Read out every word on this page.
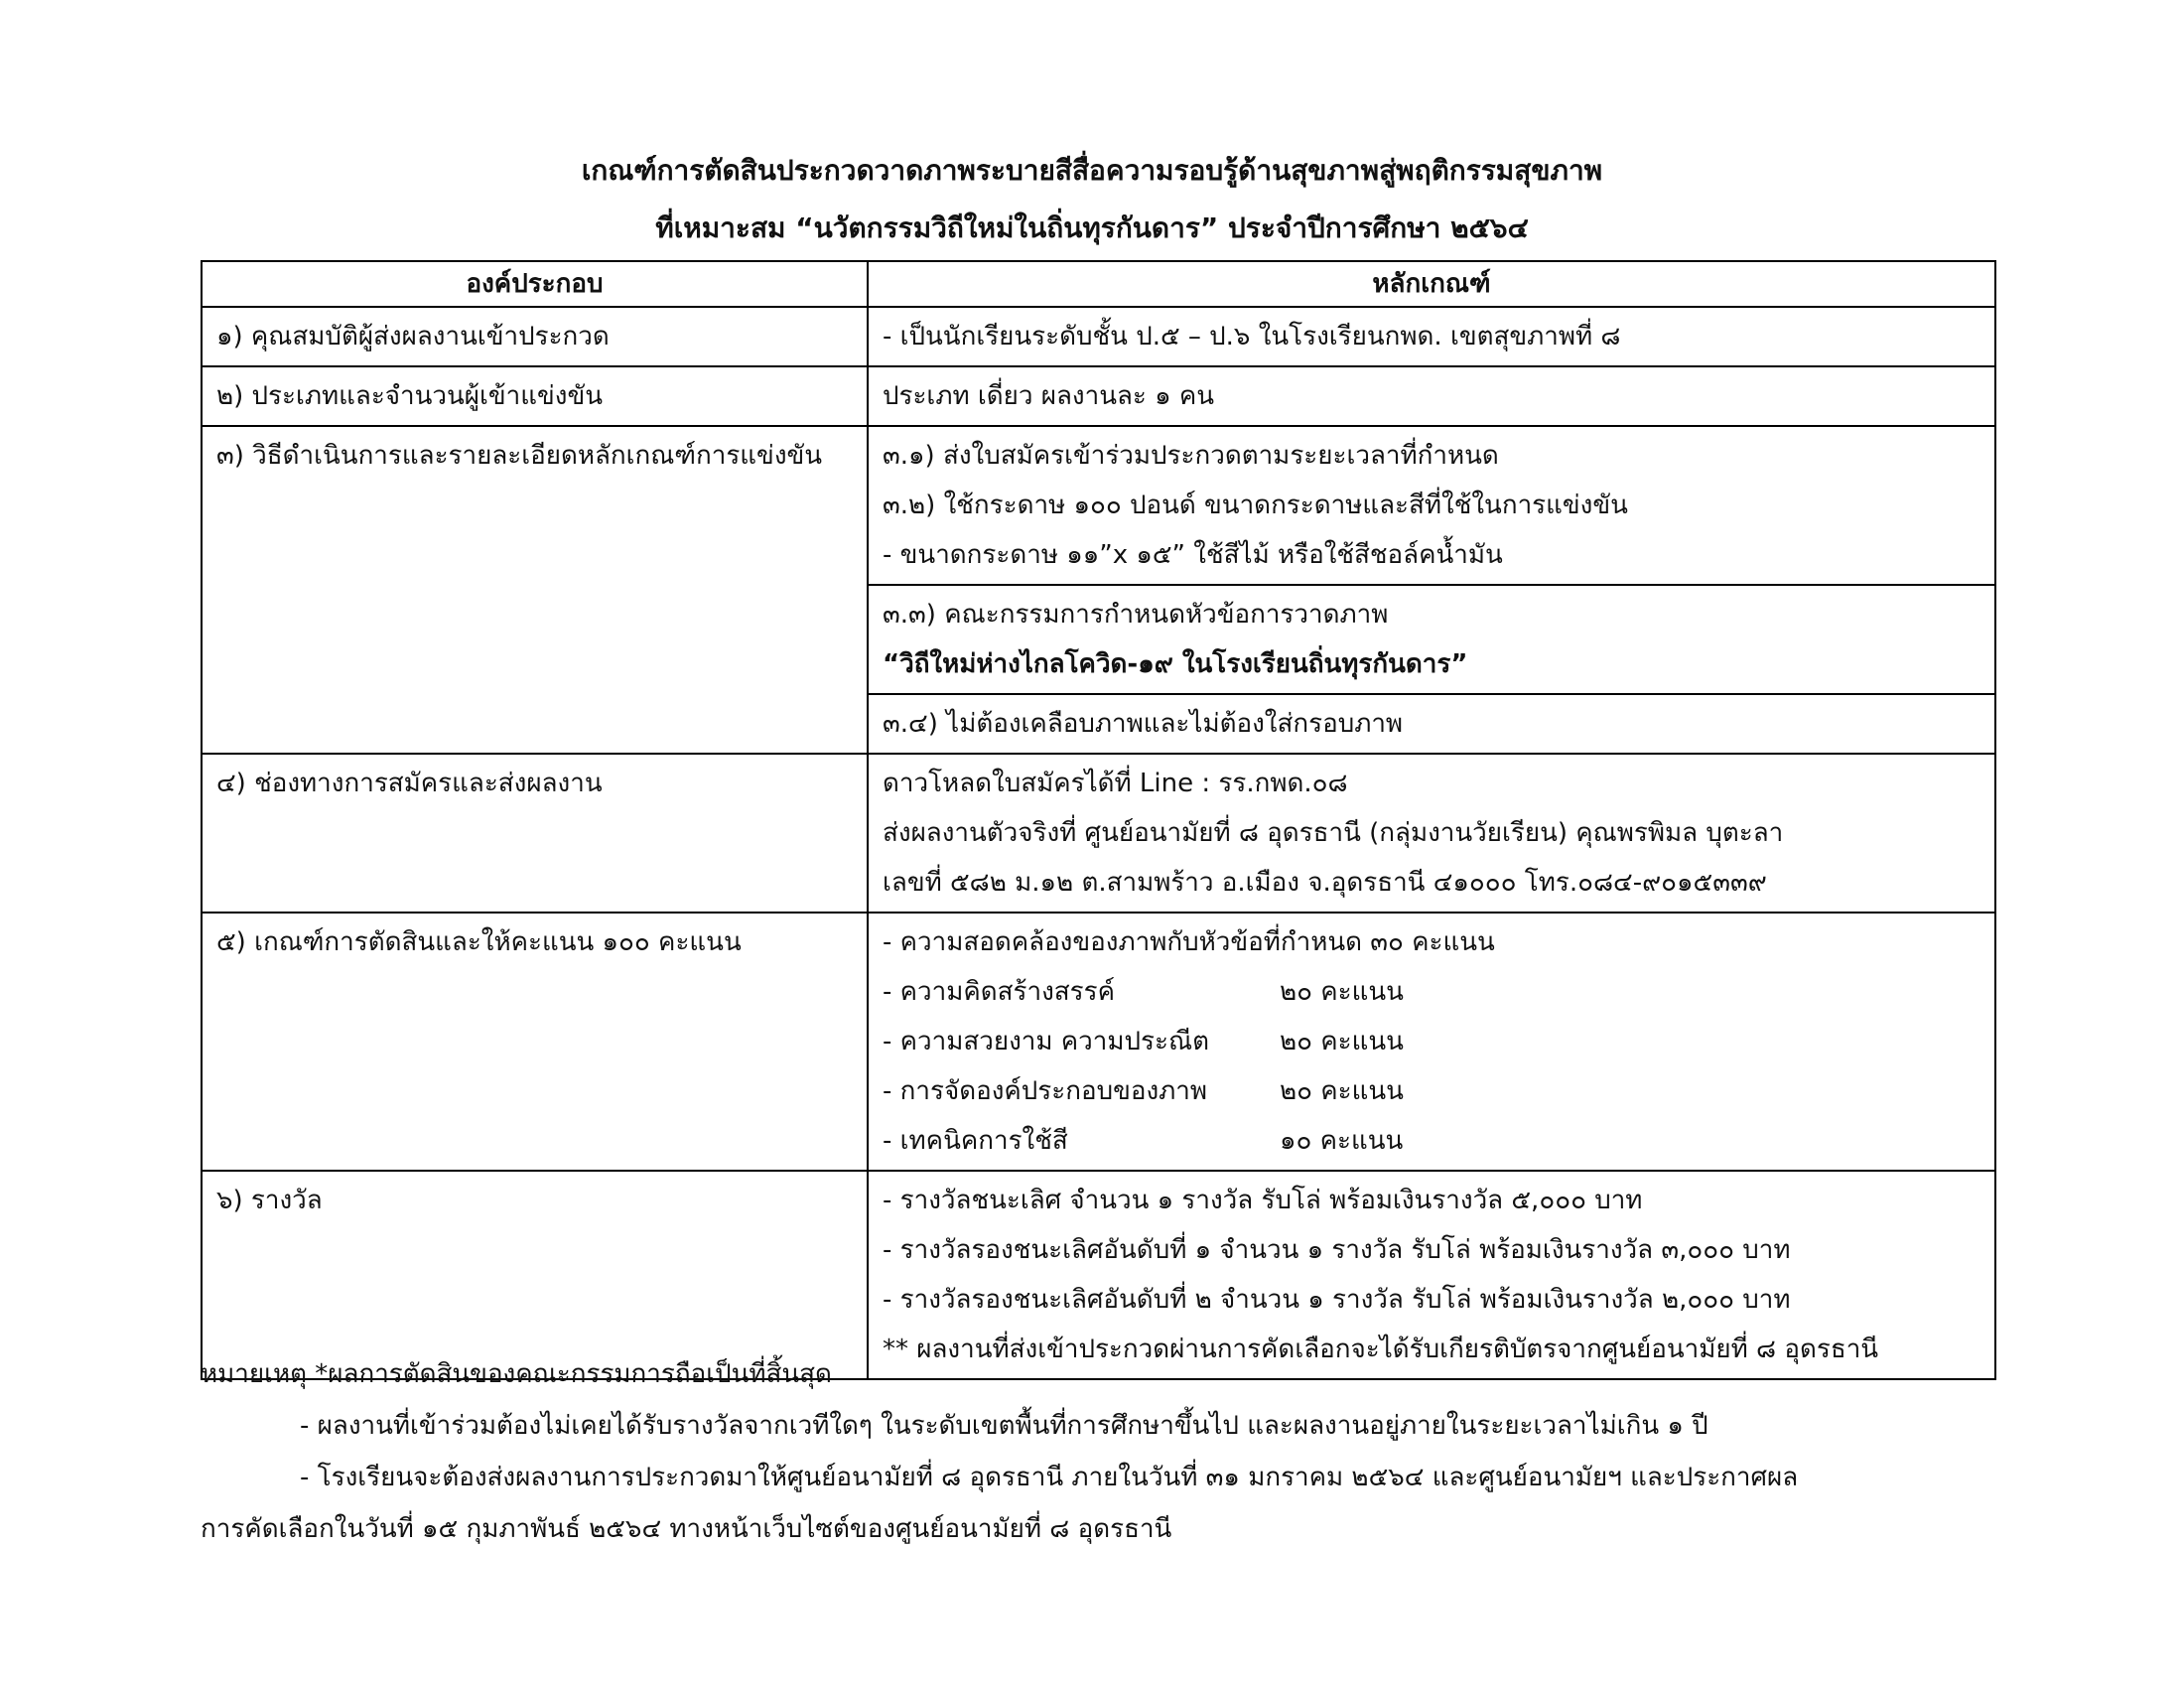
เกณฑ์การตัดสินประกวดวาดภาพระบายสีสื่อความรอบรู้ด้านสุขภาพสู่พฤติกรรมสุขภาพ
ที่เหมาะสม “นวัตกรรมวิถีใหม่ในถิ่นทุรกันดาร” ประจำปีการศึกษา ๒๕๖๔
องค์ประกอบ	หลักเกณฑ์
๑) คุณสมบัติผู้ส่งผลงานเข้าประกวด	- เป็นนักเรียนระดับชั้น ป.๕ – ป.๖ ในโรงเรียนกพด. เขตสุขภาพที่ ๘
๒) ประเภทและจำนวนผู้เข้าแข่งขัน	ประเภท เดี่ยว ผลงานละ ๑ คน
๓) วิธีดำเนินการและรายละเอียดหลักเกณฑ์การแข่งขัน	๓.๑) ส่งใบสมัครเข้าร่วมประกวดตามระยะเวลาที่กำหนด
๓.๒) ใช้กระดาษ ๑๐๐ ปอนด์ ขนาดกระดาษและสีที่ใช้ในการแข่งขัน
- ขนาดกระดาษ ๑๑”x ๑๕” ใช้สีไม้ หรือใช้สีชอล์คน้ำมัน

	๓.๓) คณะกรรมการกำหนดหัวข้อการวาดภาพ
“วิถีใหม่ห่างไกลโควิด-๑๙ ในโรงเรียนถิ่นทุรกันดาร”

	๓.๔) ไม่ต้องเคลือบภาพและไม่ต้องใส่กรอบภาพ
๔) ช่องทางการสมัครและส่งผลงาน	ดาวโหลดใบสมัครได้ที่ Line : รร.กพด.๐๘
ส่งผลงานตัวจริงที่ ศูนย์อนามัยที่ ๘ อุดรธานี (กลุ่มงานวัยเรียน) คุณพรพิมล บุตะลา
เลขที่ ๕๘๒ ม.๑๒ ต.สามพร้าว อ.เมือง จ.อุดรธานี ๔๑๐๐๐ โทร.๐๘๔-๙๐๑๕๓๓๙

๕) เกณฑ์การตัดสินและให้คะแนน ๑๐๐ คะแนน	- ความสอดคล้องของภาพกับหัวข้อที่กำหนด ๓๐ คะแนน
- ความคิดสร้างสรรค์ ๒๐ คะแนน
- ความสวยงาม ความประณีต ๒๐ คะแนน
- การจัดองค์ประกอบของภาพ ๒๐ คะแนน
- เทคนิคการใช้สี ๑๐ คะแนน

๖) รางวัล	- รางวัลชนะเลิศ จำนวน ๑ รางวัล รับโล่ พร้อมเงินรางวัล ๕,๐๐๐ บาท
- รางวัลรองชนะเลิศอันดับที่ ๑ จำนวน ๑ รางวัล รับโล่ พร้อมเงินรางวัล ๓,๐๐๐ บาท
- รางวัลรองชนะเลิศอันดับที่ ๒ จำนวน ๑ รางวัล รับโล่ พร้อมเงินรางวัล ๒,๐๐๐ บาท
** ผลงานที่ส่งเข้าประกวดผ่านการคัดเลือกจะได้รับเกียรติบัตรจากศูนย์อนามัยที่ ๘ อุดรธานี
หมายเหตุ *ผลการตัดสินของคณะกรรมการถือเป็นที่สิ้นสุด
- ผลงานที่เข้าร่วมต้องไม่เคยได้รับรางวัลจากเวทีใดๆ ในระดับเขตพื้นที่การศึกษาขึ้นไป และผลงานอยู่ภายในระยะเวลาไม่เกิน ๑ ปี
- โรงเรียนจะต้องส่งผลงานการประกวดมาให้ศูนย์อนามัยที่ ๘ อุดรธานี ภายในวันที่ ๓๑ มกราคม ๒๕๖๔ และศูนย์อนามัยฯ และประกาศผล
การคัดเลือกในวันที่ ๑๕ กุมภาพันธ์ ๒๕๖๔ ทางหน้าเว็บไซต์ของศูนย์อนามัยที่ ๘ อุดรธานี
